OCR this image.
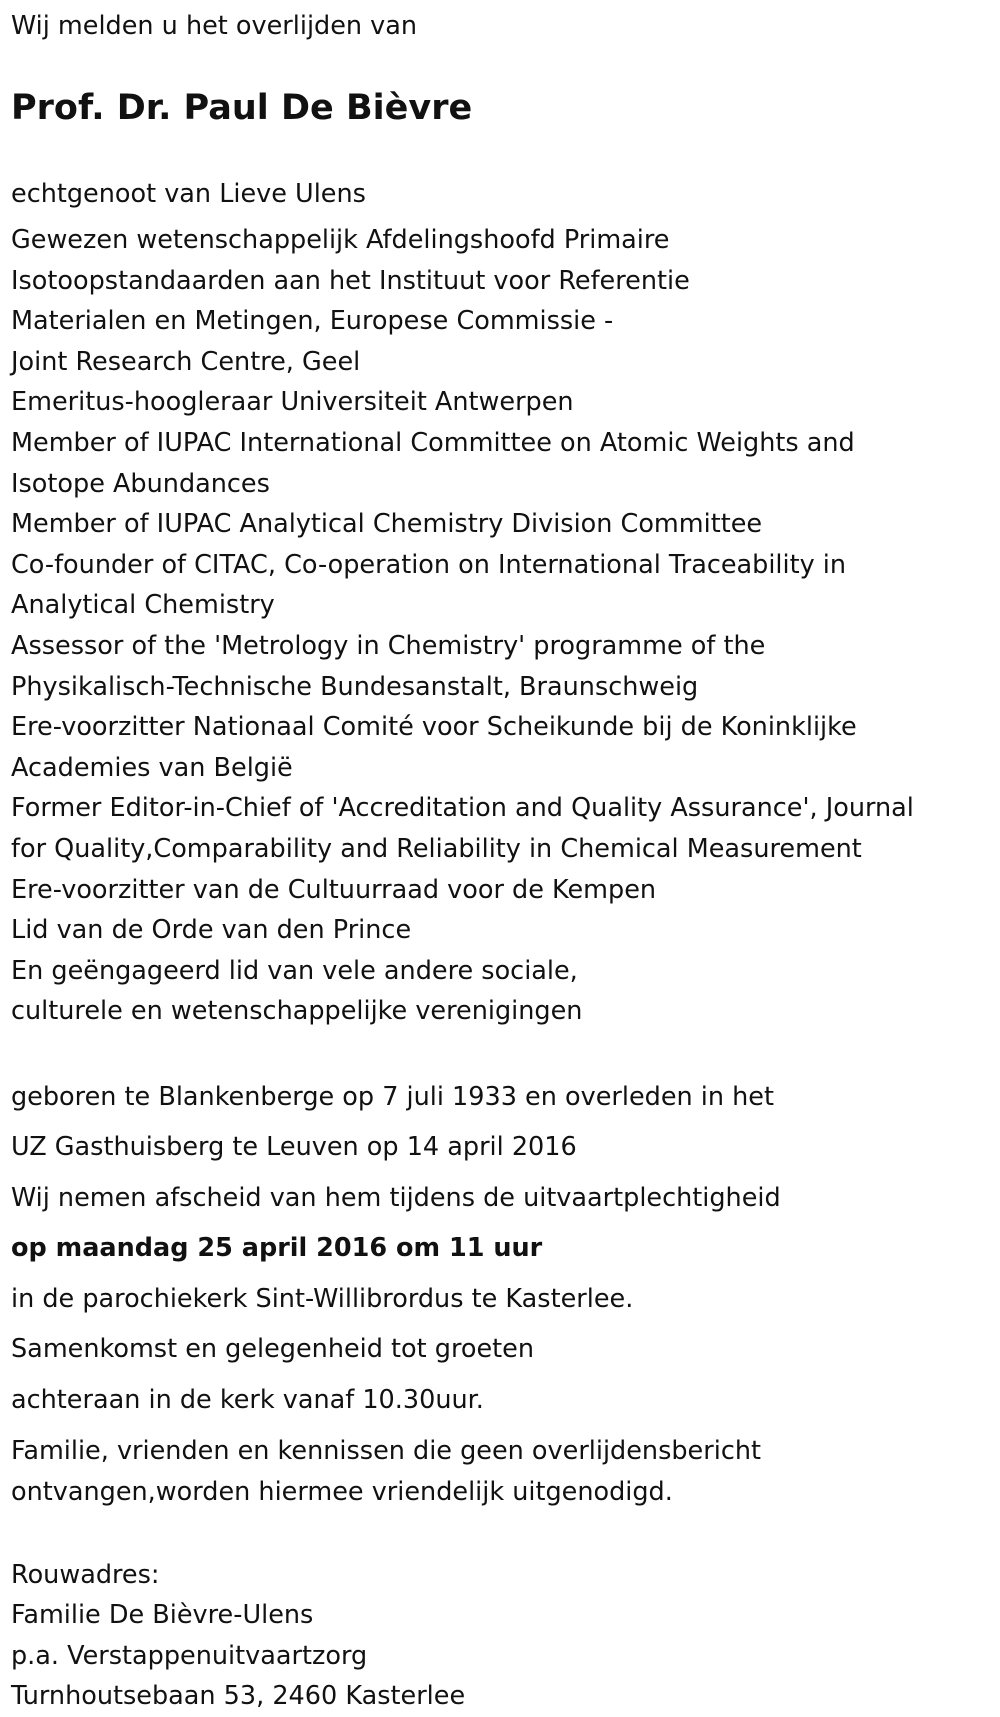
Wij melden u het overlijden van

Prof. Dr. Paul De Bièvre

echtgenoot van Lieve Ulens

Gewezen wetenschappelijk Afdelingshoofd Primaire
Isotoopstandaarden aan het Instituut voor Referentie
Materialen en Metingen, Europese Commissie -
Joint Research Centre, Geel
Emeritus-hoogleraar Universiteit Antwerpen
Member of IUPAC International Committee on Atomic Weights and
Isotope Abundances
Member of IUPAC Analytical Chemistry Division Committee
Co-founder of CITAC, Co-operation on International Traceability in
Analytical Chemistry
Assessor of the 'Metrology in Chemistry' programme of the
Physikalisch-Technische Bundesanstalt, Braunschweig
Ere-voorzitter Nationaal Comité voor Scheikunde bij de Koninklijke
Academies van België
Former Editor-in-Chief of 'Accreditation and Quality Assurance', Journal
for Quality,Comparability and Reliability in Chemical Measurement
Ere-voorzitter van de Cultuurraad voor de Kempen
Lid van de Orde van den Prince
En geëngageerd lid van vele andere sociale,
culturele en wetenschappelijke verenigingen
geboren te Blankenberge op 7 juli 1933 en overleden in het
UZ Gasthuisberg te Leuven op 14 april 2016
Wij nemen afscheid van hem tijdens de uitvaartplechtigheid
op maandag 25 april 2016 om 11 uur
in de parochiekerk Sint-Willibrordus te Kasterlee.
Samenkomst en gelegenheid tot groeten
achteraan in de kerk vanaf 10.30uur.
Familie, vrienden en kennissen die geen overlijdensbericht
ontvangen,worden hiermee vriendelijk uitgenodigd.
Rouwadres:
Familie De Bièvre-Ulens
p.a. Verstappenuitvaartzorg
Turnhoutsebaan 53, 2460 Kasterlee
